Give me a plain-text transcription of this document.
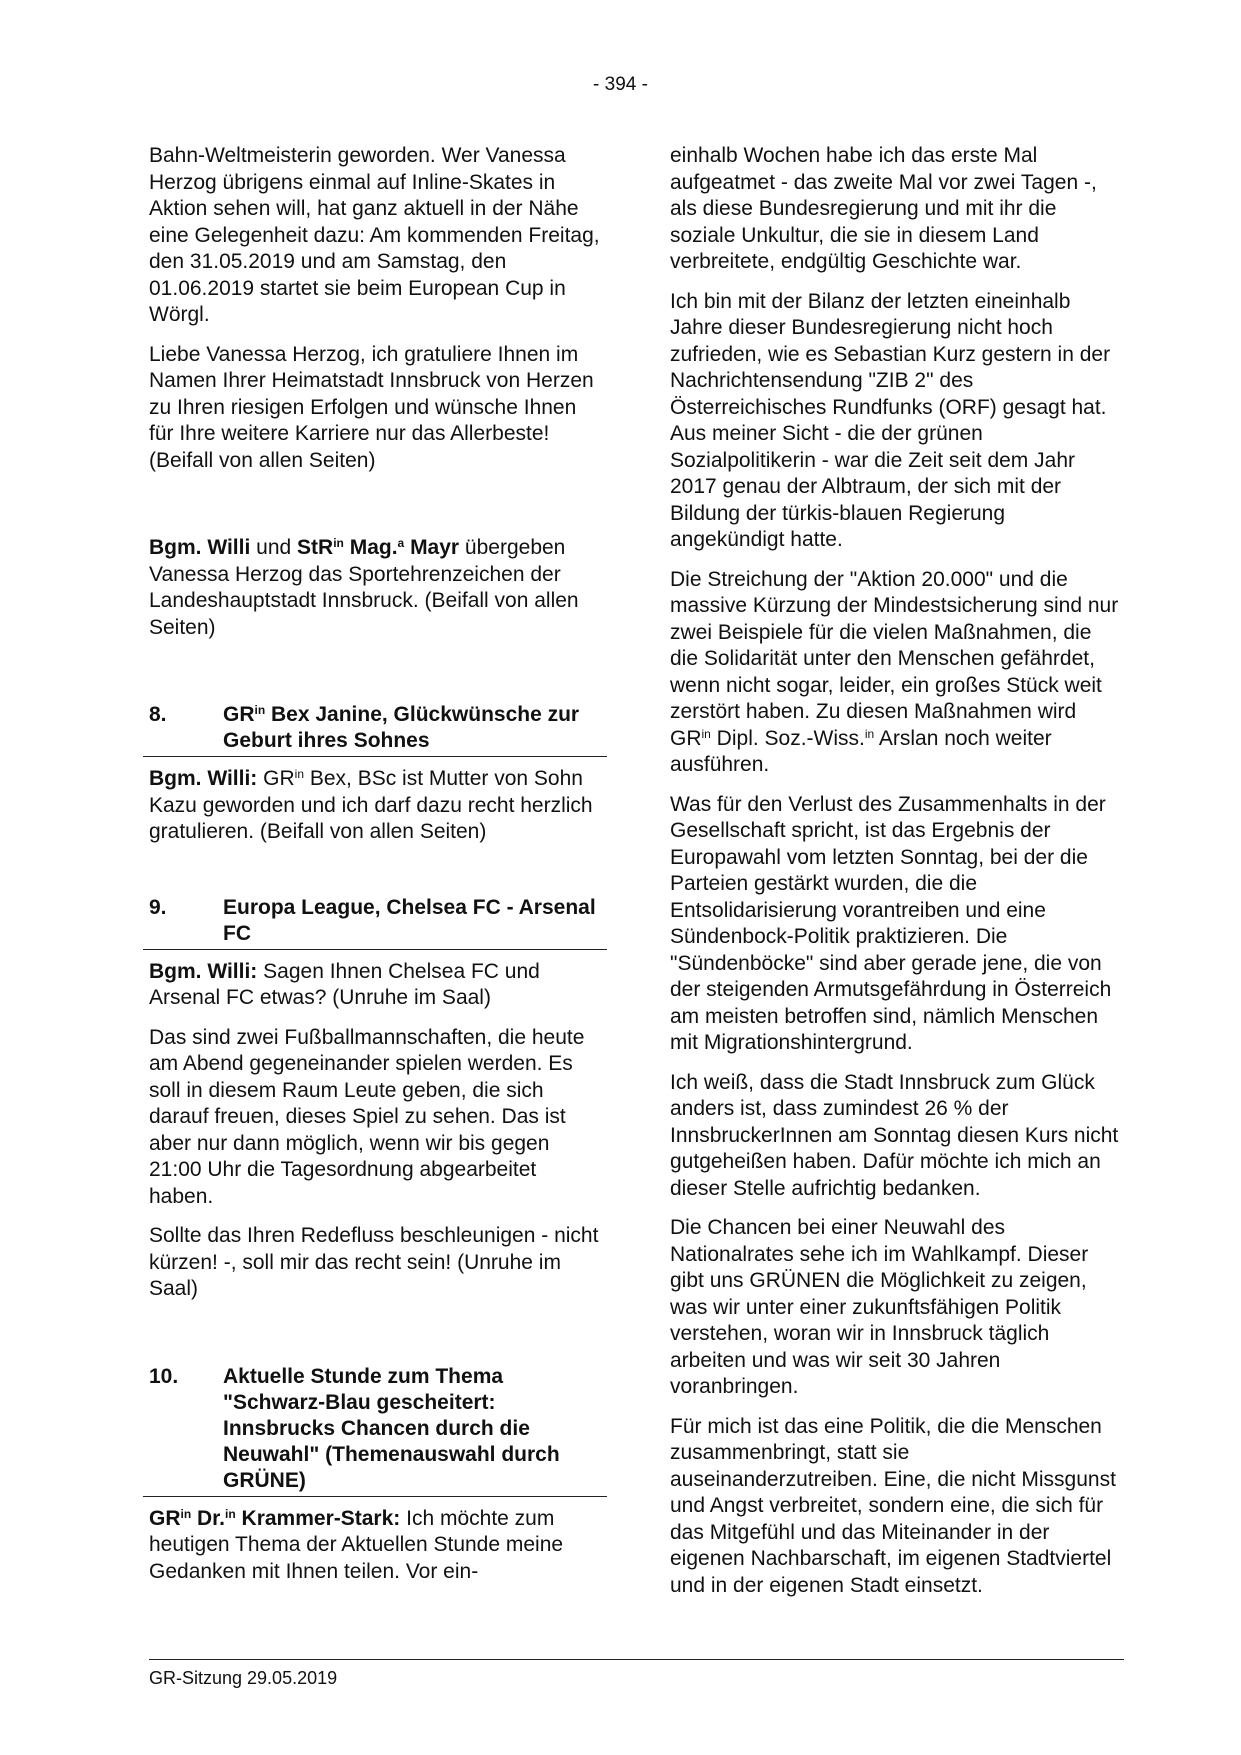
- 394 -

Bahn-Weltmeisterin geworden. Wer Vanessa Herzog übrigens einmal auf Inline-Skates in Aktion sehen will, hat ganz aktuell in der Nähe eine Gelegenheit dazu: Am kommenden Freitag, den 31.05.2019 und am Samstag, den 01.06.2019 startet sie beim European Cup in Wörgl.

Liebe Vanessa Herzog, ich gratuliere Ihnen im Namen Ihrer Heimatstadt Innsbruck von Herzen zu Ihren riesigen Erfolgen und wünsche Ihnen für Ihre weitere Karriere nur das Allerbeste! (Beifall von allen Seiten)

Bgm. Willi und StR$^{in}$ Mag.$^a$ Mayr übergeben Vanessa Herzog das Sportehrenzeichen der Landeshauptstadt Innsbruck. (Beifall von allen Seiten)

8.	$GR^{in}$ Bex Janine, Glückwünsche zur Geburt ihres Sohnes

Bgm. Willi: $GR^{in}$ Bex, BSc ist Mutter von Sohn Kazu geworden und ich darf dazu recht herzlich gratulieren. (Beifall von allen Seiten)

9.	Europa League, Chelsea FC - Arsenal FC

Bgm. Willi: Sagen Ihnen Chelsea FC und Arsenal FC etwas? (Unruhe im Saal)

Das sind zwei Fußballmannschaften, die heute am Abend gegeneinander spielen werden. Es soll in diesem Raum Leute geben, die sich darauf freuen, dieses Spiel zu sehen. Das ist aber nur dann möglich, wenn wir bis gegen 21:00 Uhr die Tagesordnung abgearbeitet haben.

Sollte das Ihren Redefluss beschleunigen - nicht kürzen! -, soll mir das recht sein! (Unruhe im Saal)

10.	Aktuelle Stunde zum Thema "Schwarz-Blau gescheitert: Innsbrucks Chancen durch die Neuwahl" (Themenauswahl durch GRÜNE)

$GR^{in}$ Dr.$^{in}$ Krammer-Stark: Ich möchte zum heutigen Thema der Aktuellen Stunde meine Gedanken mit Ihnen teilen. Vor ein-

einhalb Wochen habe ich das erste Mal aufgeatmet - das zweite Mal vor zwei Tagen -, als diese Bundesregierung und mit ihr die soziale Unkultur, die sie in diesem Land verbreitete, endgültig Geschichte war.

Ich bin mit der Bilanz der letzten eineinhalb Jahre dieser Bundesregierung nicht hoch zufrieden, wie es Sebastian Kurz gestern in der Nachrichtensendung "ZIB 2" des Österreichisches Rundfunks (ORF) gesagt hat. Aus meiner Sicht - die der grünen Sozialpolitikerin - war die Zeit seit dem Jahr 2017 genau der Albtraum, der sich mit der Bildung der türkis-blauen Regierung angekündigt hatte.

Die Streichung der "Aktion 20.000" und die massive Kürzung der Mindestsicherung sind nur zwei Beispiele für die vielen Maßnahmen, die die Solidarität unter den Menschen gefährdet, wenn nicht sogar, leider, ein großes Stück weit zerstört haben. Zu diesen Maßnahmen wird $GR^{in}$ Dipl. Soz.-Wiss.$^{in}$ Arslan noch weiter ausführen.

Was für den Verlust des Zusammenhalts in der Gesellschaft spricht, ist das Ergebnis der Europawahl vom letzten Sonntag, bei der die Parteien gestärkt wurden, die die Entsolidarisierung vorantreiben und eine Sündenbock-Politik praktizieren. Die "Sündenböcke" sind aber gerade jene, die von der steigenden Armutsgefährdung in Österreich am meisten betroffen sind, nämlich Menschen mit Migrationshintergrund.

Ich weiß, dass die Stadt Innsbruck zum Glück anders ist, dass zumindest 26 % der InnsbruckerInnen am Sonntag diesen Kurs nicht gutgeheißen haben. Dafür möchte ich mich an dieser Stelle aufrichtig bedanken.

Die Chancen bei einer Neuwahl des Nationalrates sehe ich im Wahlkampf. Dieser gibt uns GRÜNEN die Möglichkeit zu zeigen, was wir unter einer zukunftsfähigen Politik verstehen, woran wir in Innsbruck täglich arbeiten und was wir seit 30 Jahren voranbringen.

Für mich ist das eine Politik, die die Menschen zusammenbringt, statt sie auseinanderzutreiben. Eine, die nicht Missgunst und Angst verbreitet, sondern eine, die sich für das Mitgefühl und das Miteinander in der eigenen Nachbarschaft, im eigenen Stadtviertel und in der eigenen Stadt einsetzt.

GR-Sitzung 29.05.2019
